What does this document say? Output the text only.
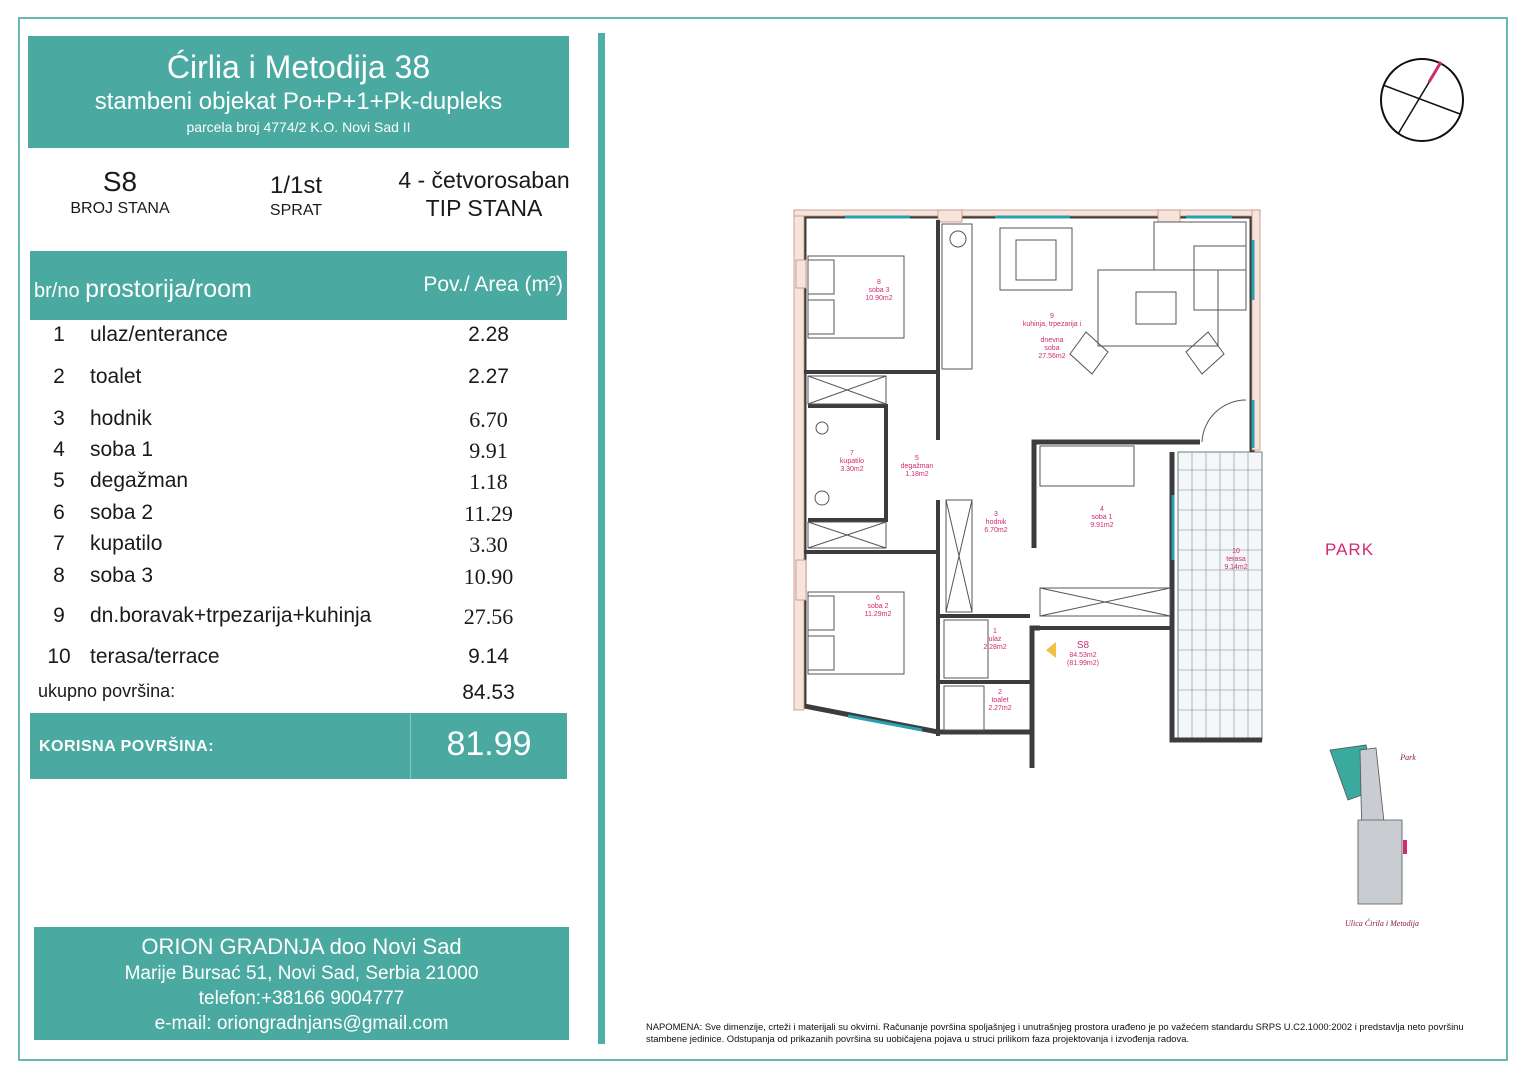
Ćirlia i Metodija 38
stambeni objekat Po+P+1+Pk-dupleks
parcela broj 4774/2 K.O. Novi Sad II
S8
BROJ STANA
1/1st
SPRAT
4 - četvorosaban
TIP STANA
br/no prostorija/room	Pov./ Area (m²)
1	ulaz/enterance	2.28
2	toalet	2.27
3	hodnik	6.70
4	soba 1	9.91
5	degažman	1.18
6	soba 2	11.29
7	kupatilo	3.30
8	soba 3	10.90
9	dn.boravak+trpezarija+kuhinja	27.56
10 terasa/terrace	9.14
ukupno površina:	84.53
KORISNA POVRŠINA:	81.99
ORION GRADNJA doo Novi Sad
Marije Bursać 51, Novi Sad, Serbia 21000
telefon:+38166 9004777
e-mail: oriongradnjans@gmail.com	NAPOMENA: Sve dimenzije, crteži i materijali su okvirni. Računanje površina spoljašnjeg i unutrašnjeg prostora urađeno je po važećem standardu SRPS U.C2.1000:2002 i predstavlja neto površinu stambene jedinice. Odstupanja od prikazanih površina su uobičajena pojava u struci prilikom faza projektovanja i izvođenja radova.
PARK
8
soba 3
10.90m2
9
kuhinja, trpezarija i
dnevna
soba
27.56m2
7
kupatilo
3.30m2
5
degažman
1.18m2
3
hodnik
6.70m2
4
soba 1
9.91m2
10
terasa
9.14m2
6
soba 2
11.29m2
1
ulaz
2.28m2
2
toalet
2.27m2
S8
84.53m2
(81.99m2)
Park
Ulica Ćirila i Metodija
